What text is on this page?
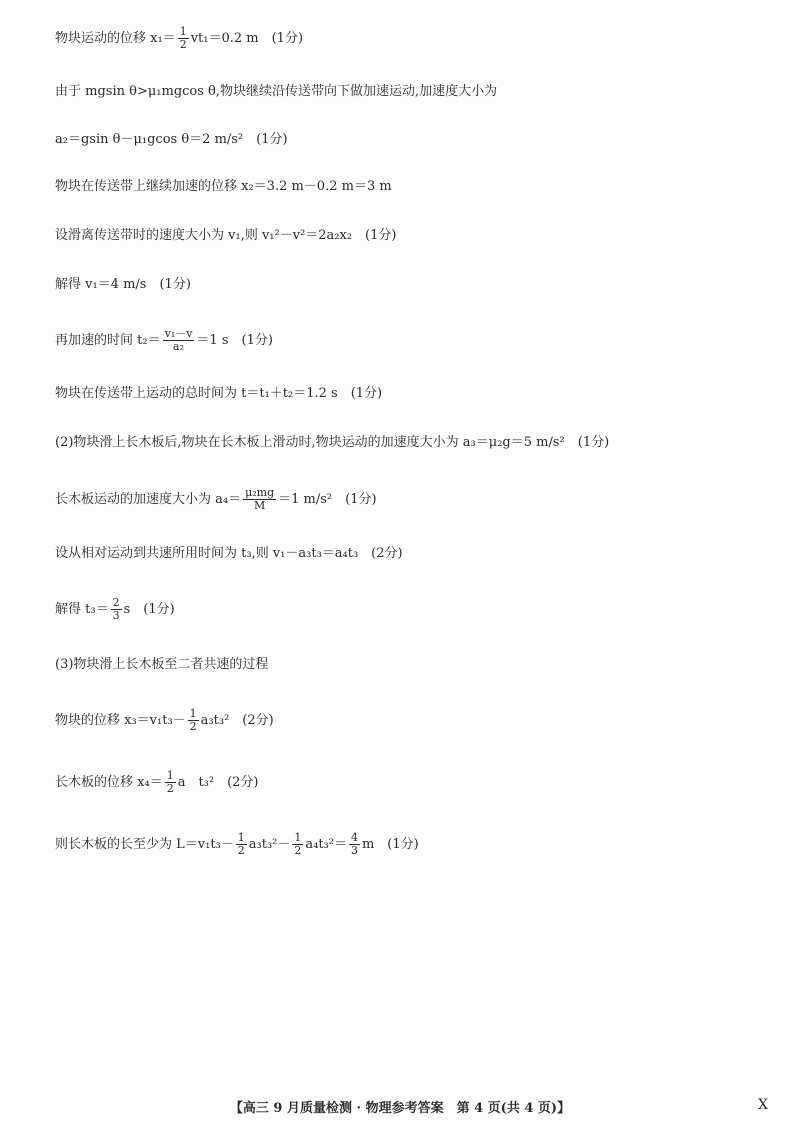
物块运动的位移 $x_1= \frac{1}{2} vt_1=0.2$ m　(1分)
由于 mgsin θ>μ₁mgcos θ,物块继续沿传送带向下做加速运动,加速度大小为
a₂＝gsin θ－μ₁gcos θ＝2 m/s²　(1分)
物块在传送带上继续加速的位移 x₂＝3.2 m－0.2 m＝3 m
设滑离传送带时的速度大小为 v₁,则 v₁²－v²＝2a₂x₂　(1分)
解得 v₁＝4 m/s　(1分)
再加速的时间 $t_2= \frac{\text{v₁－v}}{\text{a₂}} =1$ s　(1分)
物块在传送带上运动的总时间为 t＝t₁＋t₂＝1.2 s　(1分)
(2)物块滑上长木板后,物块在长木板上滑动时,物块运动的加速度大小为 a₃＝μ₂g＝5 m/s²　(1分)
长木板运动的加速度大小为 $a_4= \frac{\text{μ₂mg}}{M} =1$ m/s²　(1分)
设从相对运动到共速所用时间为 t₃,则 v₁－a₃t₃＝a₄t₃　(2分)
解得 $t_3= \frac{2}{3}$ s　(1分)
(3)物块滑上长木板至二者共速的过程
物块的位移 $x_3=v_1t_3- \frac{1}{2} a_3t_3^2$　(2分)
长木板的位移 $x_4= \frac{1}{2}$ a　t₃²　(2分)
则长木板的长至少为 $L=v_1t_3- \frac{1}{2} a_3t_3^2- \frac{1}{2} a_4t_3^2= \frac{4}{3}$ m　(1分)
【高三 9 月质量检测 · 物理参考答案　第 4 页(共 4 页)】	X
